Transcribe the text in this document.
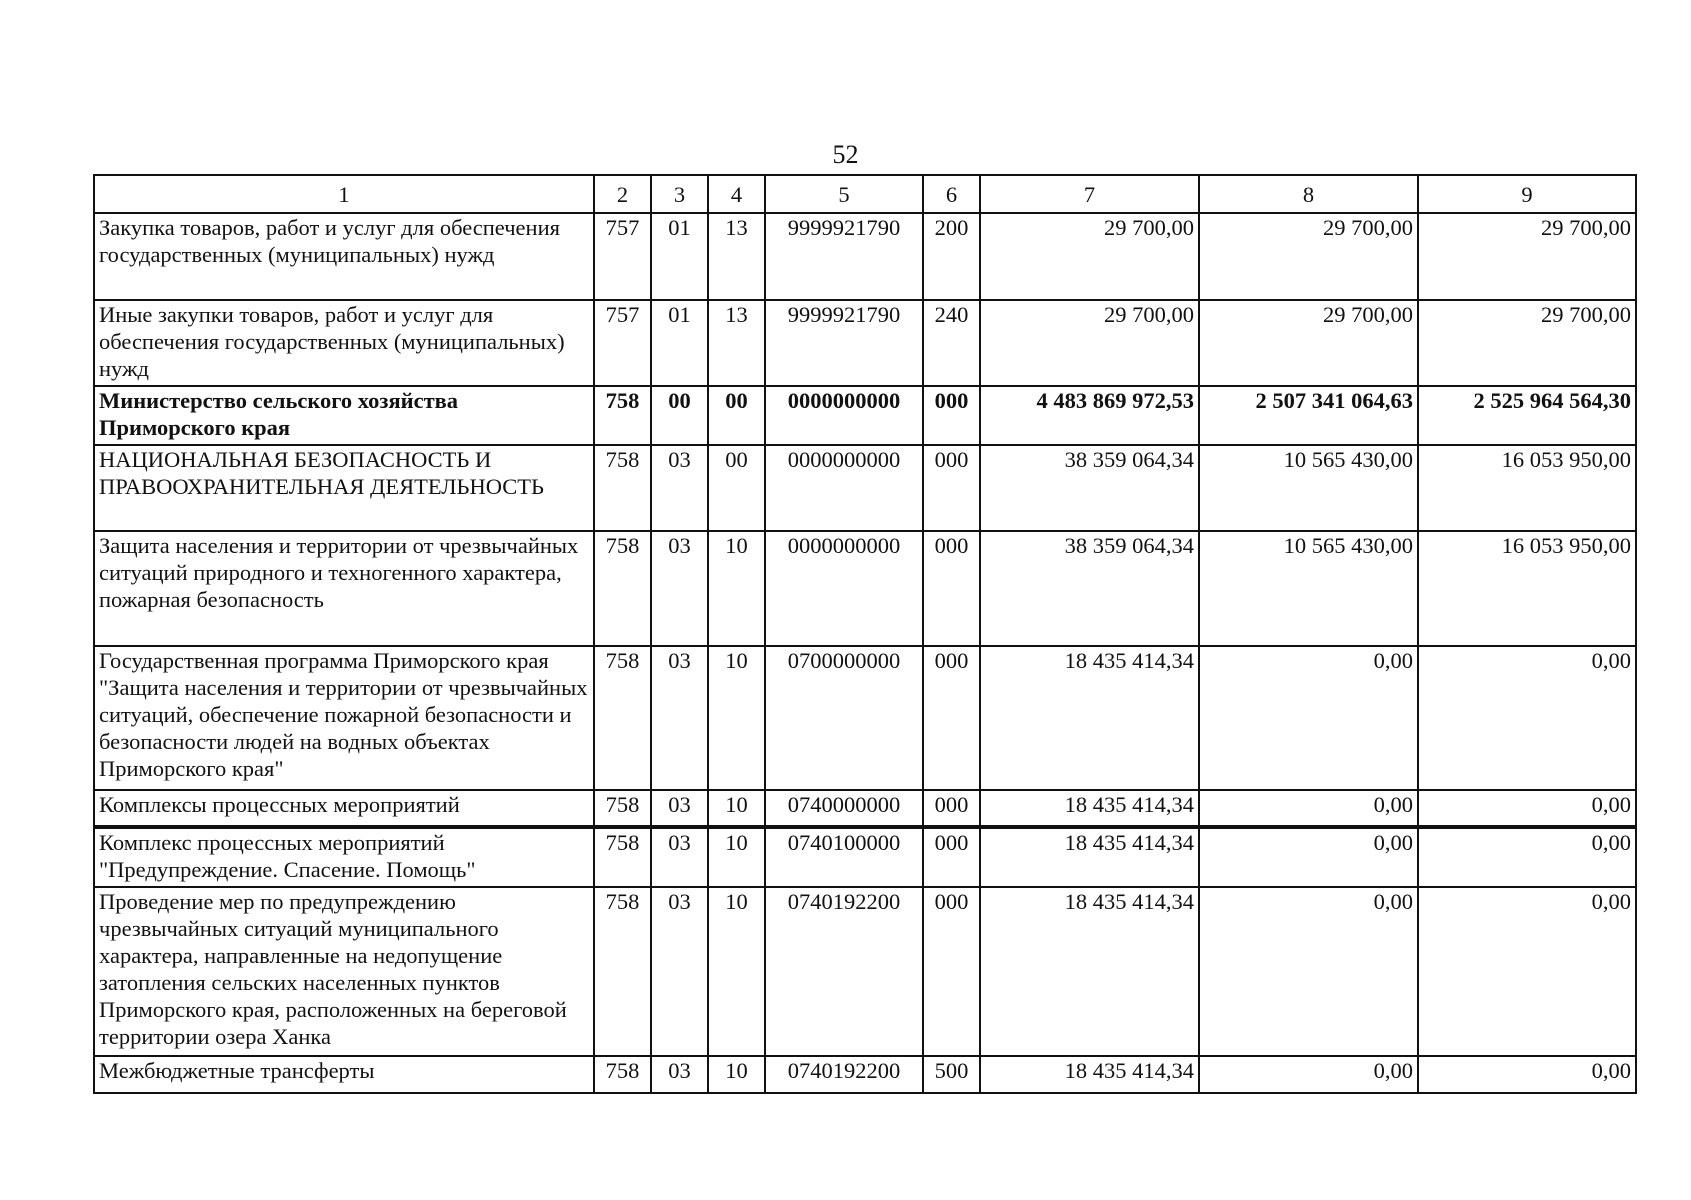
52
1	2	3	4	5	6	7	8	9
Закупка товаров, работ и услуг для обеспечения государственных (муниципальных) нужд	757	01	13	9999921790	200	29 700,00	29 700,00	29 700,00
Иные закупки товаров, работ и услуг для обеспечения государственных (муниципальных) нужд	757	01	13	9999921790	240	29 700,00	29 700,00	29 700,00
Министерство сельского хозяйства Приморского края	758	00	00	0000000000	000	4 483 869 972,53	2 507 341 064,63	2 525 964 564,30
НАЦИОНАЛЬНАЯ БЕЗОПАСНОСТЬ И ПРАВООХРАНИТЕЛЬНАЯ ДЕЯТЕЛЬНОСТЬ	758	03	00	0000000000	000	38 359 064,34	10 565 430,00	16 053 950,00
Защита населения и территории от чрезвычайных ситуаций природного и техногенного характера, пожарная безопасность	758	03	10	0000000000	000	38 359 064,34	10 565 430,00	16 053 950,00
Государственная программа Приморского края "Защита населения и территории от чрезвычайных ситуаций, обеспечение пожарной безопасности и безопасности людей на водных объектах Приморского края"	758	03	10	0700000000	000	18 435 414,34	0,00	0,00
Комплексы процессных мероприятий	758	03	10	0740000000	000	18 435 414,34	0,00	0,00
Комплекс процессных мероприятий "Предупреждение. Спасение. Помощь"	758	03	10	0740100000	000	18 435 414,34	0,00	0,00
Проведение мер по предупреждению чрезвычайных ситуаций муниципального характера, направленные на недопущение затопления сельских населенных пунктов Приморского края, расположенных на береговой территории озера Ханка	758	03	10	0740192200	000	18 435 414,34	0,00	0,00
Межбюджетные трансферты	758	03	10	0740192200	500	18 435 414,34	0,00	0,00
